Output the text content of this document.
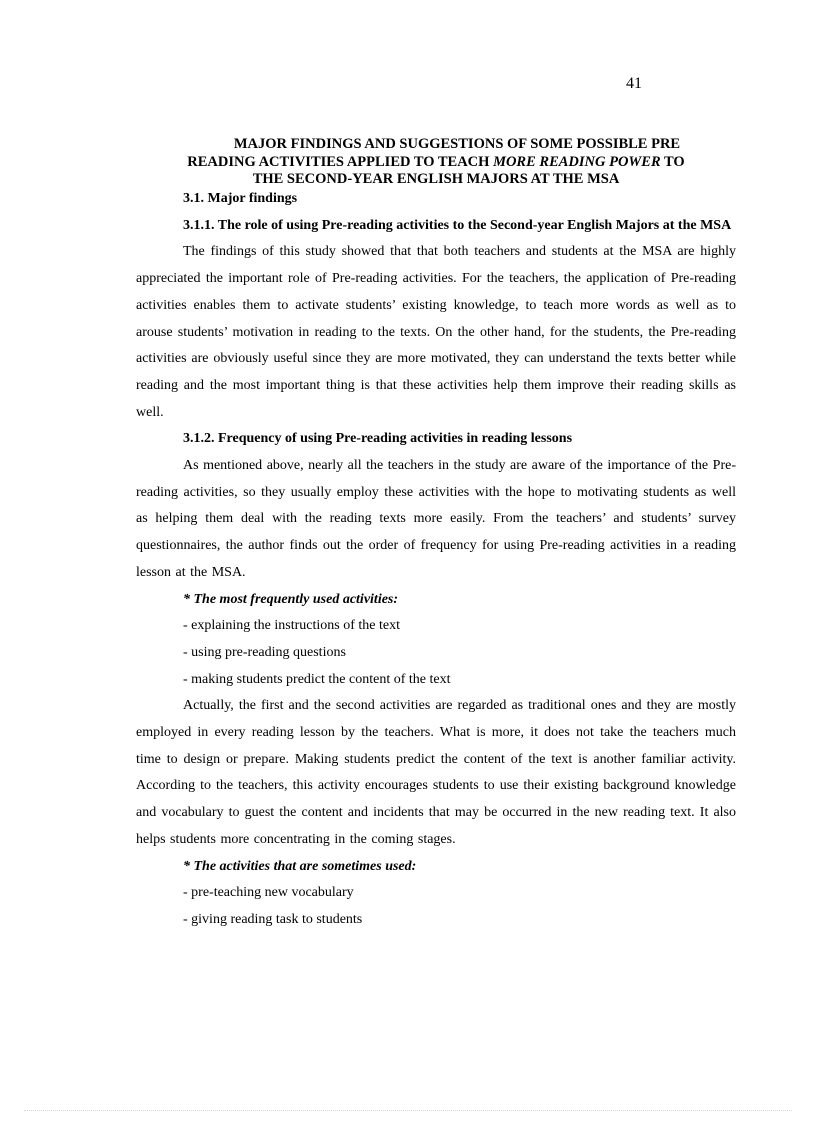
41
MAJOR FINDINGS AND SUGGESTIONS OF SOME POSSIBLE PRE
READING ACTIVITIES APPLIED TO TEACH MORE READING POWER TO
THE SECOND-YEAR ENGLISH MAJORS AT THE MSA

3.1. Major findings

3.1.1. The role of using Pre-reading activities to the Second-year English Majors at the MSA

The findings of this study showed that that both teachers and students at the MSA are highly appreciated the important role of Pre-reading activities. For the teachers, the application of Pre-reading activities enables them to activate students’ existing knowledge, to teach more words as well as to arouse students’ motivation in reading to the texts. On the other hand, for the students, the Pre-reading activities are obviously useful since they are more motivated, they can understand the texts better while reading and the most important thing is that these activities help them improve their reading skills as well.

3.1.2. Frequency of using Pre-reading activities in reading lessons

As mentioned above, nearly all the teachers in the study are aware of the importance of the Pre-reading activities, so they usually employ these activities with the hope to motivating students as well as helping them deal with the reading texts more easily. From the teachers’ and students’ survey questionnaires, the author finds out the order of frequency for using Pre-reading activities in a reading lesson at the MSA.

* The most frequently used activities:

- explaining the instructions of the text

- using pre-reading questions

- making students predict the content of the text

Actually, the first and the second activities are regarded as traditional ones and they are mostly employed in every reading lesson by the teachers. What is more, it does not take the teachers much time to design or prepare. Making students predict the content of the text is another familiar activity. According to the teachers, this activity encourages students to use their existing background knowledge and vocabulary to guest the content and incidents that may be occurred in the new reading text. It also helps students more concentrating in the coming stages.

* The activities that are sometimes used:

- pre-teaching new vocabulary

- giving reading task to students
